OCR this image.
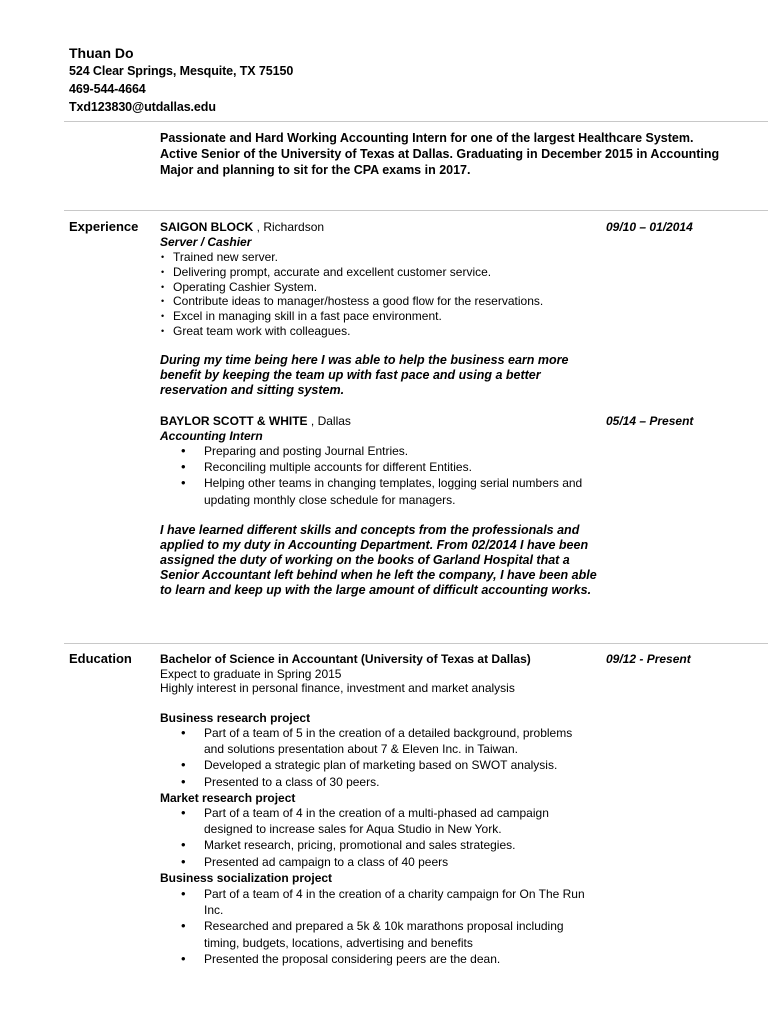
Thuan Do
524 Clear Springs, Mesquite, TX 75150
469-544-4664
Txd123830@utdallas.edu
Passionate and Hard Working Accounting Intern for one of the largest Healthcare System. Active Senior of the University of Texas at Dallas. Graduating in December 2015 in Accounting Major and planning to sit for the CPA exams in 2017.
Experience SAIGON BLOCK , Richardson	09/10 – 01/2014
Server / Cashier
• Trained new server.
• Delivering prompt, accurate and excellent customer service.
• Operating Cashier System.
• Contribute ideas to manager/hostess a good flow for the reservations.
• Excel in managing skill in a fast pace environment.
• Great team work with colleagues.
During my time being here I was able to help the business earn more benefit by keeping the team up with fast pace and using a better reservation and sitting system.
BAYLOR SCOTT & WHITE , Dallas	05/14 – Present
Accounting Intern
• Preparing and posting Journal Entries.
• Reconciling multiple accounts for different Entities.
• Helping other teams in changing templates, logging serial numbers and updating monthly close schedule for managers.
I have learned different skills and concepts from the professionals and applied to my duty in Accounting Department. From 02/2014 I have been assigned the duty of working on the books of Garland Hospital that a Senior Accountant left behind when he left the company, I have been able to learn and keep up with the large amount of difficult accounting works.
Education Bachelor of Science in Accountant (University of Texas at Dallas)	09/12 - Present
Expect to graduate in Spring 2015
Highly interest in personal finance, investment and market analysis
Business research project
• Part of a team of 5 in the creation of a detailed background, problems and solutions presentation about 7 & Eleven Inc. in Taiwan.
• Developed a strategic plan of marketing based on SWOT analysis.
• Presented to a class of 30 peers.
Market research project
• Part of a team of 4 in the creation of a multi-phased ad campaign designed to increase sales for Aqua Studio in New York.
• Market research, pricing, promotional and sales strategies.
• Presented ad campaign to a class of 40 peers
Business socialization project
• Part of a team of 4 in the creation of a charity campaign for On The Run Inc.
• Researched and prepared a 5k & 10k marathons proposal including timing, budgets, locations, advertising and benefits
• Presented the proposal considering peers are the dean.
